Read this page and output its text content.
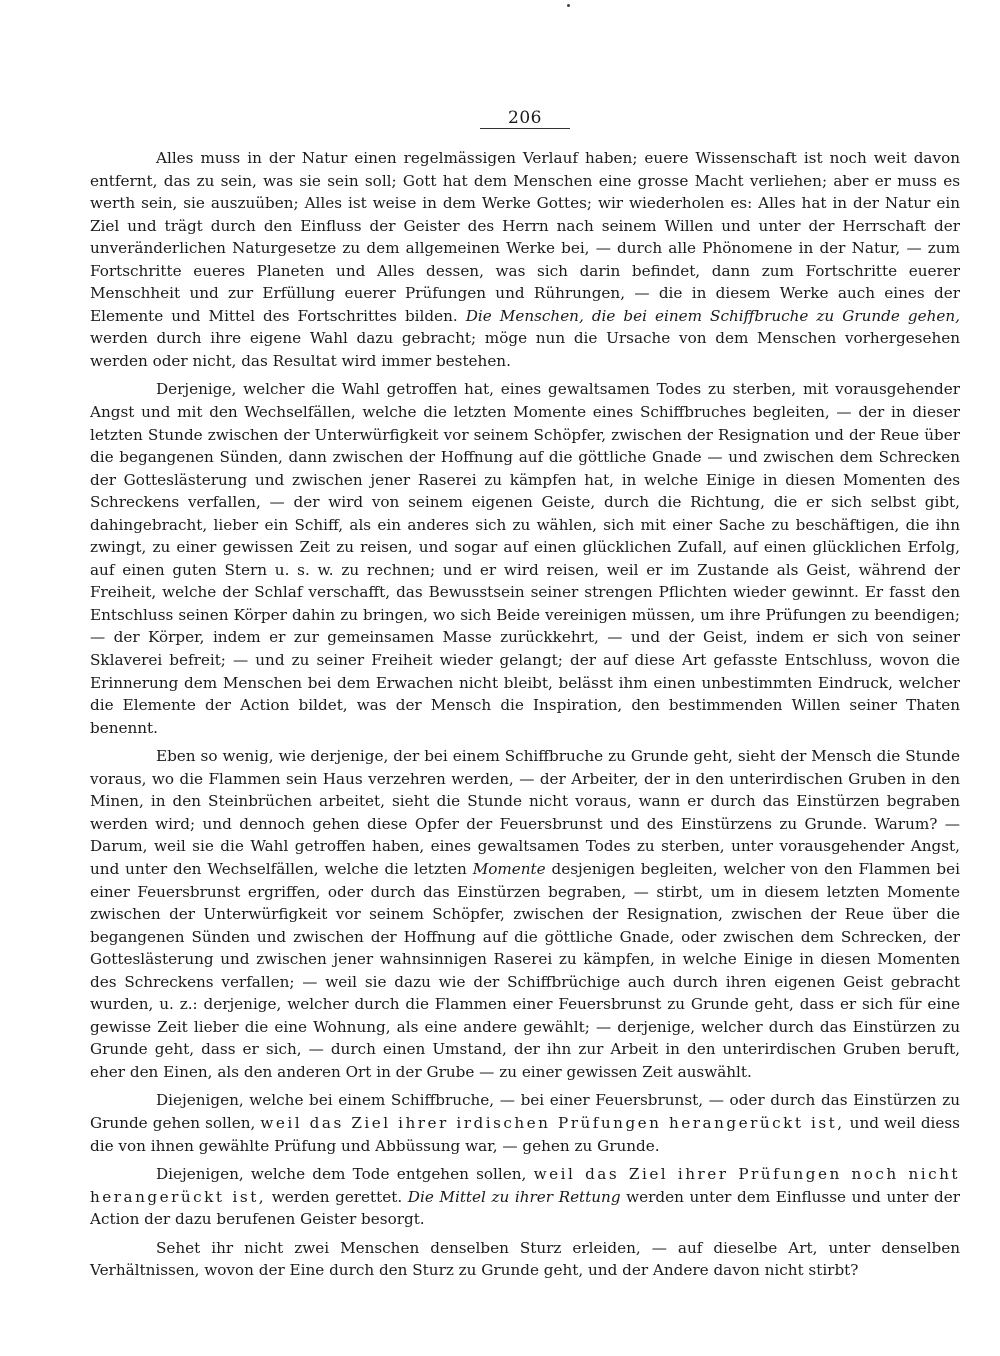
206

Alles muss in der Natur einen regelmässigen Verlauf haben; euere Wissenschaft ist noch weit davon entfernt, das zu sein, was sie sein soll; Gott hat dem Menschen eine grosse Macht verliehen; aber er muss es werth sein, sie auszuüben; Alles ist weise in dem Werke Gottes; wir wiederholen es: Alles hat in der Natur ein Ziel und trägt durch den Einfluss der Geister des Herrn nach seinem Willen und unter der Herrschaft der unveränderlichen Naturgesetze zu dem allgemeinen Werke bei, — durch alle Phönomene in der Natur, — zum Fortschritte eueres Planeten und Alles dessen, was sich darin befindet, dann zum Fortschritte euerer Menschheit und zur Erfüllung euerer Prüfungen und Rührungen, — die in diesem Werke auch eines der Elemente und Mittel des Fortschrittes bilden. Die Menschen, die bei einem Schiffbruche zu Grunde gehen, werden durch ihre eigene Wahl dazu gebracht; möge nun die Ursache von dem Menschen vorhergesehen werden oder nicht, das Resultat wird immer bestehen.

Derjenige, welcher die Wahl getroffen hat, eines gewaltsamen Todes zu sterben, mit vorausgehender Angst und mit den Wechselfällen, welche die letzten Momente eines Schiffbruches begleiten, — der in dieser letzten Stunde zwischen der Unterwürfigkeit vor seinem Schöpfer, zwischen der Resignation und der Reue über die begangenen Sünden, dann zwischen der Hoffnung auf die göttliche Gnade — und zwischen dem Schrecken der Gotteslästerung und zwischen jener Raserei zu kämpfen hat, in welche Einige in diesen Momenten des Schreckens verfallen, — der wird von seinem eigenen Geiste, durch die Richtung, die er sich selbst gibt, dahingebracht, lieber ein Schiff, als ein anderes sich zu wählen, sich mit einer Sache zu beschäftigen, die ihn zwingt, zu einer gewissen Zeit zu reisen, und sogar auf einen glücklichen Zufall, auf einen glücklichen Erfolg, auf einen guten Stern u. s. w. zu rechnen; und er wird reisen, weil er im Zustande als Geist, während der Freiheit, welche der Schlaf verschafft, das Bewusstsein seiner strengen Pflichten wieder gewinnt. Er fasst den Entschluss seinen Körper dahin zu bringen, wo sich Beide vereinigen müssen, um ihre Prüfungen zu beendigen; — der Körper, indem er zur gemeinsamen Masse zurückkehrt, — und der Geist, indem er sich von seiner Sklaverei befreit; — und zu seiner Freiheit wieder gelangt; der auf diese Art gefasste Entschluss, wovon die Erinnerung dem Menschen bei dem Erwachen nicht bleibt, belässt ihm einen unbestimmten Eindruck, welcher die Elemente der Action bildet, was der Mensch die Inspiration, den bestimmenden Willen seiner Thaten benennt.

Eben so wenig, wie derjenige, der bei einem Schiffbruche zu Grunde geht, sieht der Mensch die Stunde voraus, wo die Flammen sein Haus verzehren werden, — der Arbeiter, der in den unterirdischen Gruben in den Minen, in den Steinbrüchen arbeitet, sieht die Stunde nicht voraus, wann er durch das Einstürzen begraben werden wird; und dennoch gehen diese Opfer der Feuersbrunst und des Einstürzens zu Grunde. Warum? — Darum, weil sie die Wahl getroffen haben, eines gewaltsamen Todes zu sterben, unter vorausgehender Angst, und unter den Wechselfällen, welche die letzten Momente desjenigen begleiten, welcher von den Flammen bei einer Feuersbrunst ergriffen, oder durch das Einstürzen begraben, — stirbt, um in diesem letzten Momente zwischen der Unterwürfigkeit vor seinem Schöpfer, zwischen der Resignation, zwischen der Reue über die begangenen Sünden und zwischen der Hoffnung auf die göttliche Gnade, oder zwischen dem Schrecken, der Gotteslästerung und zwischen jener wahnsinnigen Raserei zu kämpfen, in welche Einige in diesen Momenten des Schreckens verfallen; — weil sie dazu wie der Schiffbrüchige auch durch ihren eigenen Geist gebracht wurden, u. z.: derjenige, welcher durch die Flammen einer Feuersbrunst zu Grunde geht, dass er sich für eine gewisse Zeit lieber die eine Wohnung, als eine andere gewählt; — derjenige, welcher durch das Einstürzen zu Grunde geht, dass er sich, — durch einen Umstand, der ihn zur Arbeit in den unterirdischen Gruben beruft, eher den Einen, als den anderen Ort in der Grube — zu einer gewissen Zeit auswählt.

Diejenigen, welche bei einem Schiffbruche, — bei einer Feuersbrunst, — oder durch das Einstürzen zu Grunde gehen sollen, weil das Ziel ihrer irdischen Prüfungen herangerückt ist, und weil diess die von ihnen gewählte Prüfung und Abbüssung war, — gehen zu Grunde.

Diejenigen, welche dem Tode entgehen sollen, weil das Ziel ihrer Prüfungen noch nicht herangerückt ist, werden gerettet. Die Mittel zu ihrer Rettung werden unter dem Einflusse und unter der Action der dazu berufenen Geister besorgt.

Sehet ihr nicht zwei Menschen denselben Sturz erleiden, — auf dieselbe Art, unter denselben Verhältnissen, wovon der Eine durch den Sturz zu Grunde geht, und der Andere davon nicht stirbt?
